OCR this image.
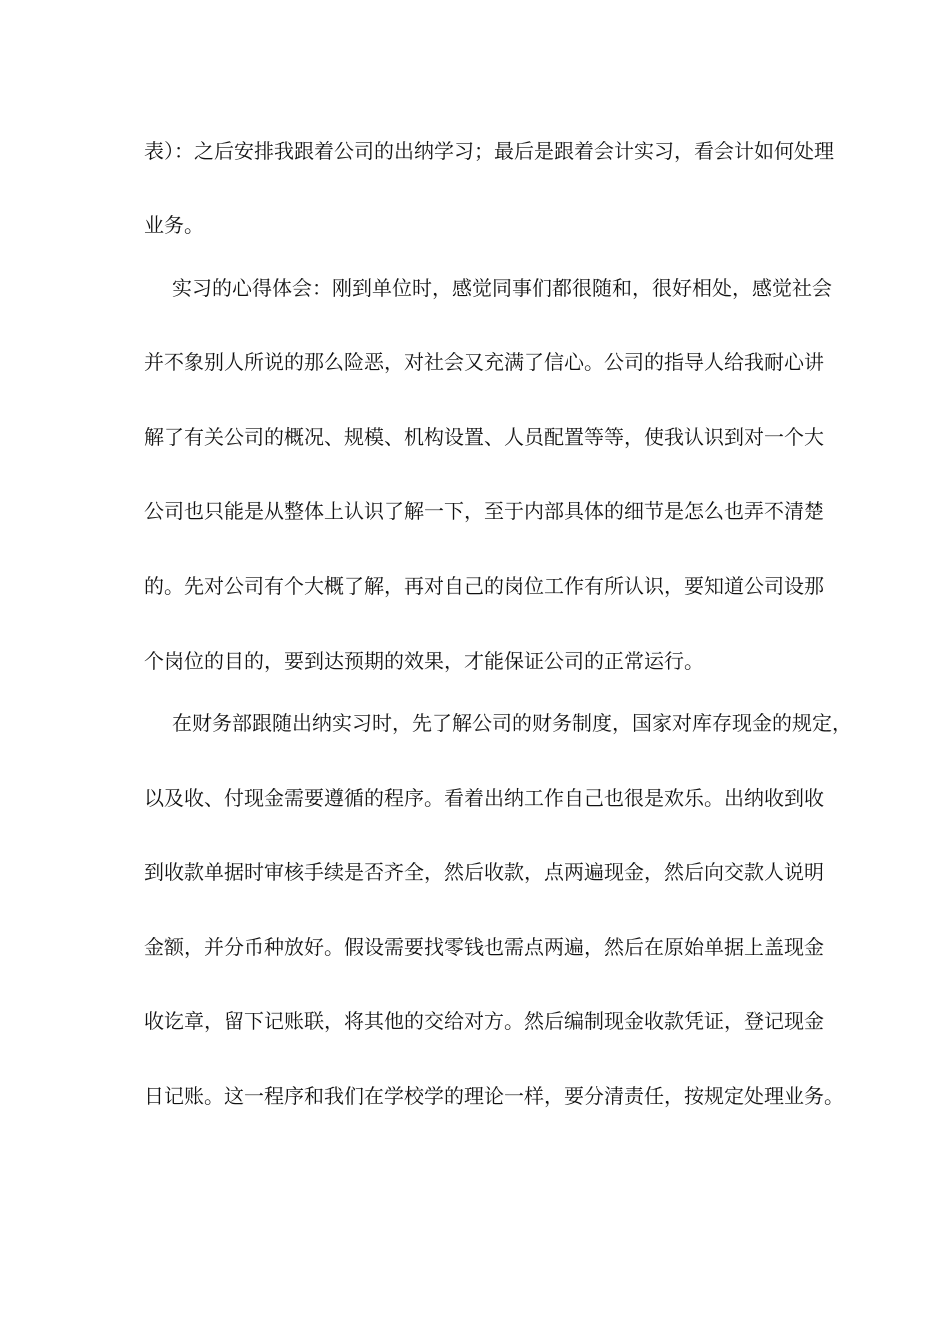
表）：之后安排我跟着公司的出纳学习；最后是跟着会计实习，看会计如何处理
业务。
实习的心得体会：刚到单位时，感觉同事们都很随和，很好相处，感觉社会
并不象别人所说的那么险恶，对社会又充满了信心。公司的指导人给我耐心讲
解了有关公司的概况、规模、机构设置、人员配置等等，使我认识到对一个大
公司也只能是从整体上认识了解一下，至于内部具体的细节是怎么也弄不清楚
的。先对公司有个大概了解，再对自己的岗位工作有所认识，要知道公司设那
个岗位的目的，要到达预期的效果，才能保证公司的正常运行。
在财务部跟随出纳实习时，先了解公司的财务制度，国家对库存现金的规定，
以及收、付现金需要遵循的程序。看着出纳工作自己也很是欢乐。出纳收到收
到收款单据时审核手续是否齐全，然后收款，点两遍现金，然后向交款人说明
金额，并分币种放好。假设需要找零钱也需点两遍，然后在原始单据上盖现金
收讫章，留下记账联，将其他的交给对方。然后编制现金收款凭证，登记现金
日记账。这一程序和我们在学校学的理论一样，要分清责任，按规定处理业务。
